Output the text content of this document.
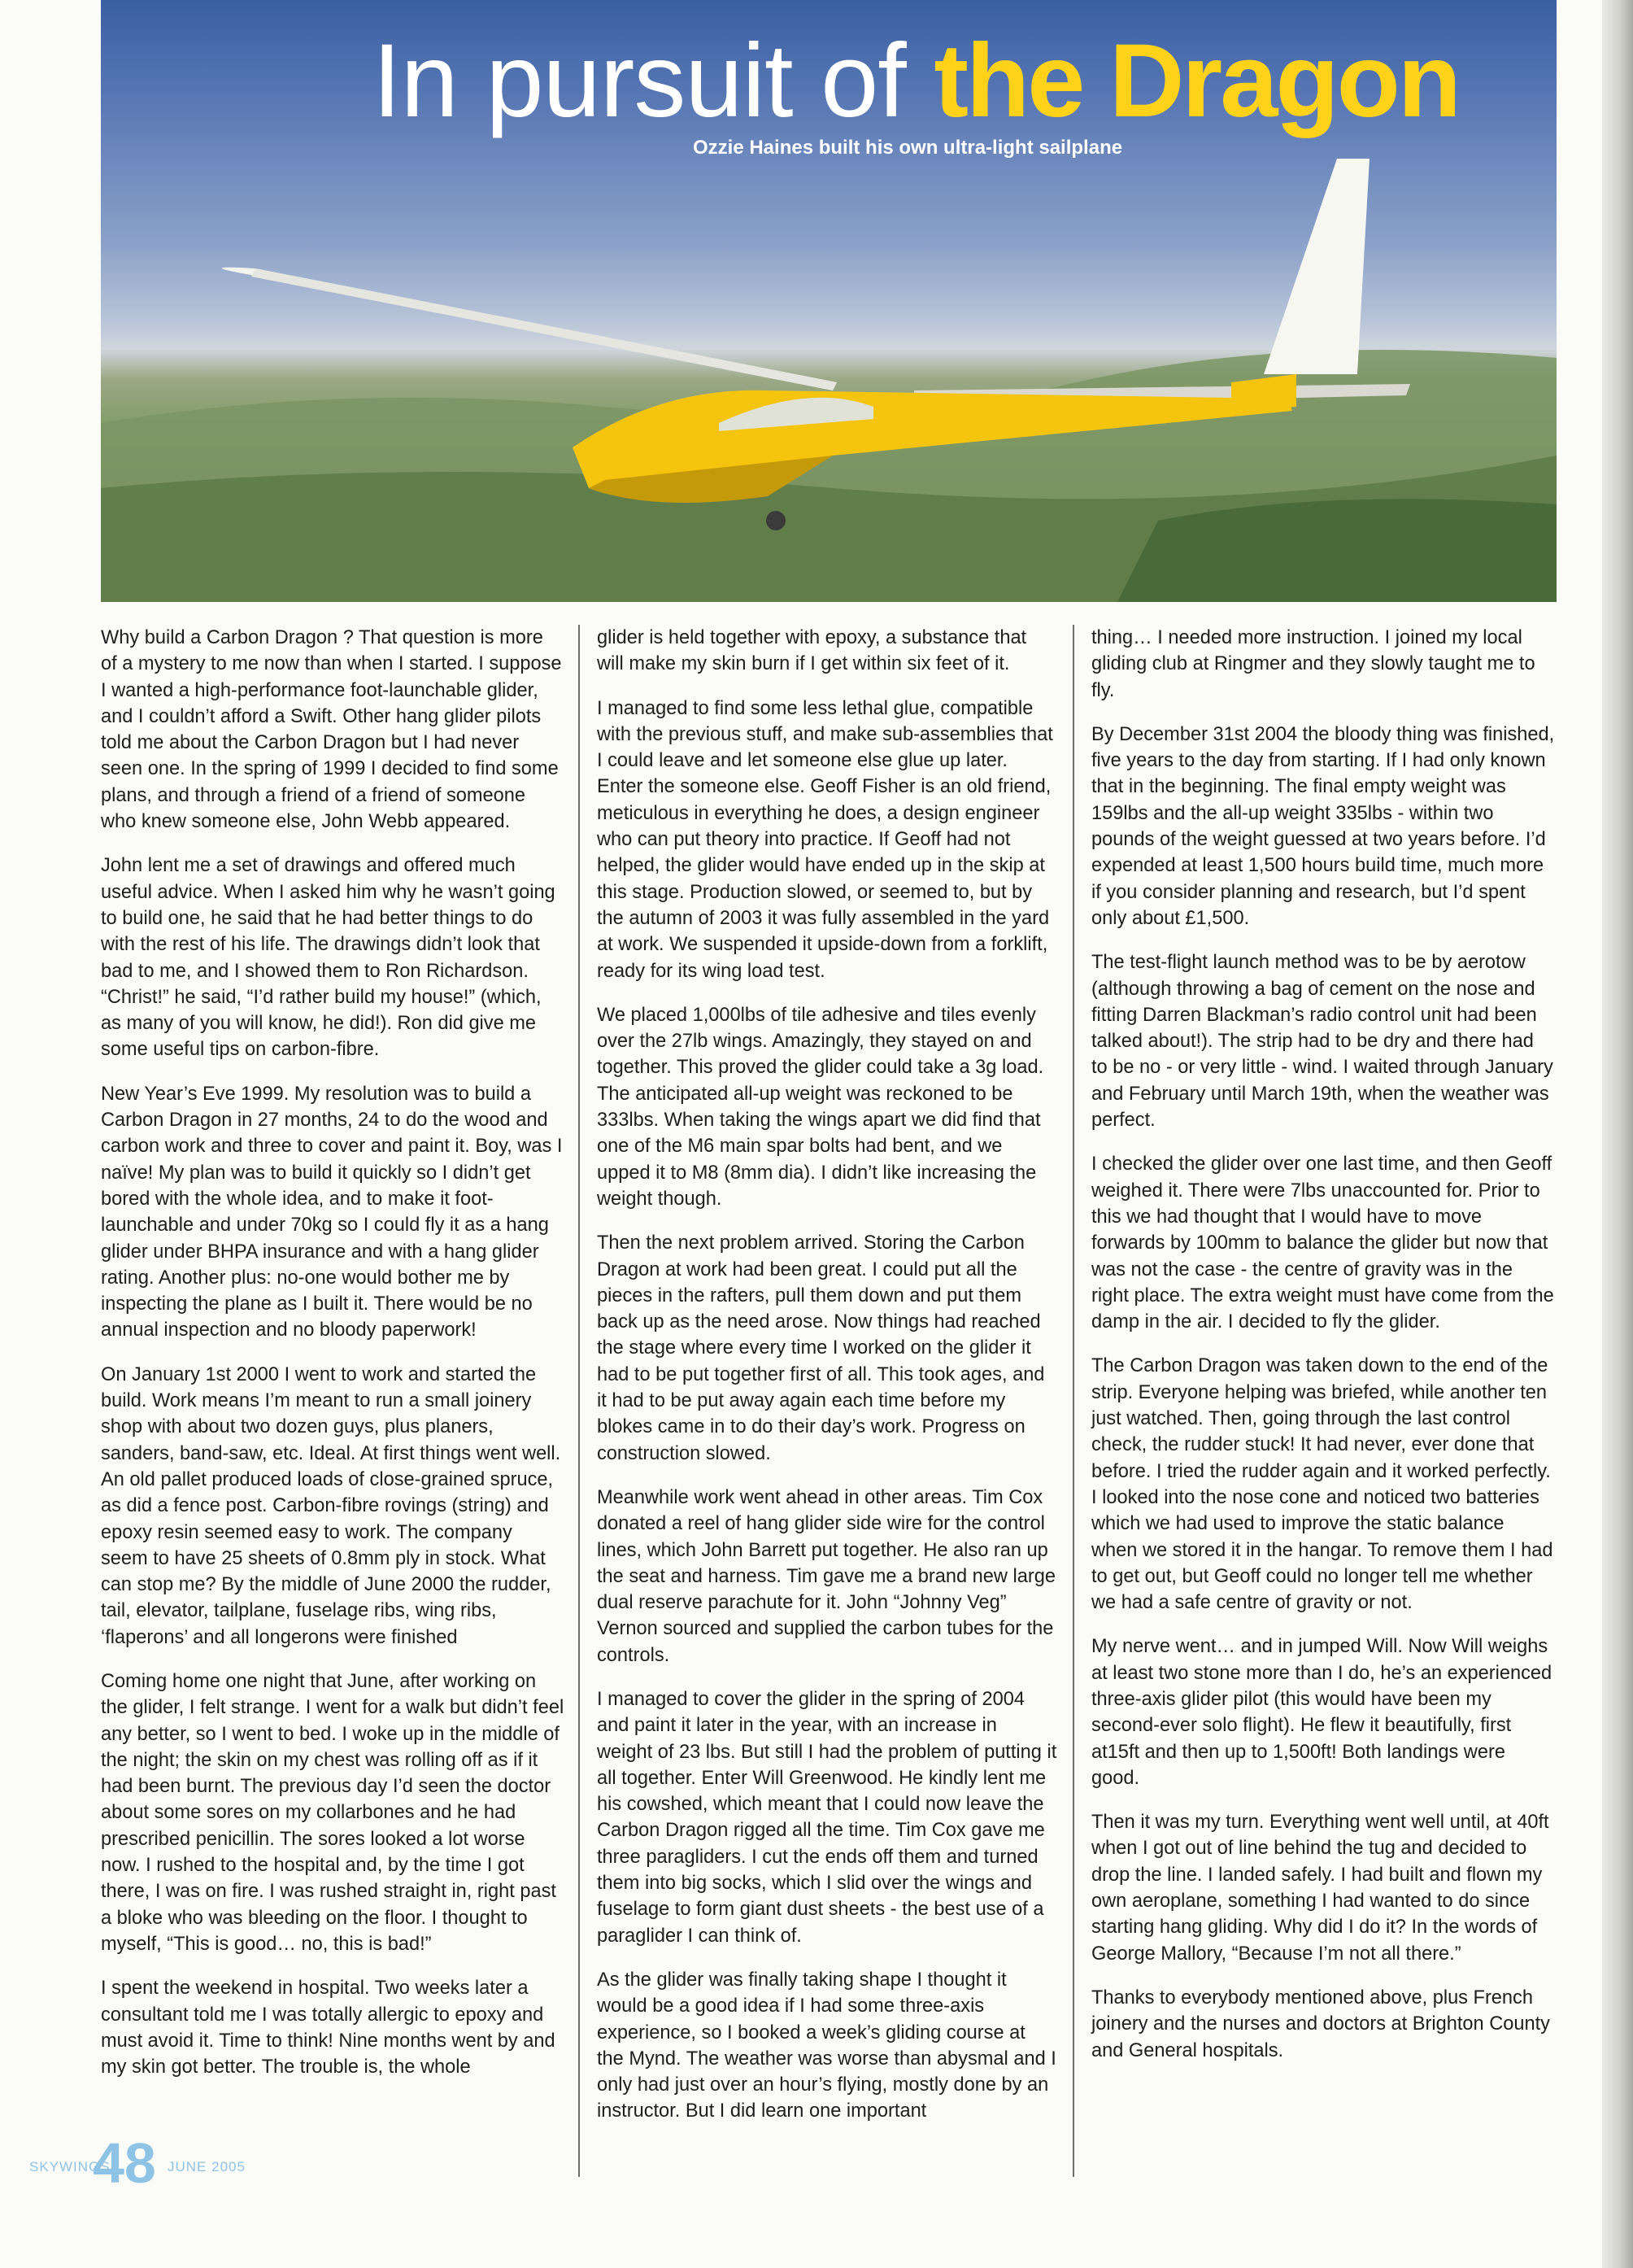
In pursuit of the Dragon

Ozzie Haines built his own ultra-light sailplane

Why build a Carbon Dragon ? That question is more of a mystery to me now than when I started. I suppose I wanted a high-performance foot-launchable glider, and I couldn’t afford a Swift. Other hang glider pilots told me about the Carbon Dragon but I had never seen one. In the spring of 1999 I decided to find some plans, and through a friend of a friend of someone who knew someone else, John Webb appeared.

John lent me a set of drawings and offered much useful advice. When I asked him why he wasn’t going to build one, he said that he had better things to do with the rest of his life. The drawings didn’t look that bad to me, and I showed them to Ron Richardson. “Christ!” he said, “I’d rather build my house!” (which, as many of you will know, he did!). Ron did give me some useful tips on carbon-fibre.

New Year’s Eve 1999. My resolution was to build a Carbon Dragon in 27 months, 24 to do the wood and carbon work and three to cover and paint it. Boy, was I naïve! My plan was to build it quickly so I didn’t get bored with the whole idea, and to make it foot-launchable and under 70kg so I could fly it as a hang glider under BHPA insurance and with a hang glider rating. Another plus: no-one would bother me by inspecting the plane as I built it. There would be no annual inspection and no bloody paperwork!

On January 1st 2000 I went to work and started the build. Work means I’m meant to run a small joinery shop with about two dozen guys, plus planers, sanders, band-saw, etc. Ideal. At first things went well. An old pallet produced loads of close-grained spruce, as did a fence post. Carbon-fibre rovings (string) and epoxy resin seemed easy to work. The company seem to have 25 sheets of 0.8mm ply in stock. What can stop me? By the middle of June 2000 the rudder, tail, elevator, tailplane, fuselage ribs, wing ribs, ‘flaperons’ and all longerons were finished

Coming home one night that June, after working on the glider, I felt strange. I went for a walk but didn’t feel any better, so I went to bed. I woke up in the middle of the night; the skin on my chest was rolling off as if it had been burnt. The previous day I’d seen the doctor about some sores on my collarbones and he had prescribed penicillin. The sores looked a lot worse now. I rushed to the hospital and, by the time I got there, I was on fire. I was rushed straight in, right past a bloke who was bleeding on the floor. I thought to myself, “This is good… no, this is bad!”

I spent the weekend in hospital. Two weeks later a consultant told me I was totally allergic to epoxy and must avoid it. Time to think! Nine months went by and my skin got better. The trouble is, the whole

glider is held together with epoxy, a substance that will make my skin burn if I get within six feet of it.

I managed to find some less lethal glue, compatible with the previous stuff, and make sub-assemblies that I could leave and let someone else glue up later. Enter the someone else. Geoff Fisher is an old friend, meticulous in everything he does, a design engineer who can put theory into practice. If Geoff had not helped, the glider would have ended up in the skip at this stage. Production slowed, or seemed to, but by the autumn of 2003 it was fully assembled in the yard at work. We suspended it upside-down from a forklift, ready for its wing load test.

We placed 1,000lbs of tile adhesive and tiles evenly over the 27lb wings. Amazingly, they stayed on and together. This proved the glider could take a 3g load. The anticipated all-up weight was reckoned to be 333lbs. When taking the wings apart we did find that one of the M6 main spar bolts had bent, and we upped it to M8 (8mm dia). I didn’t like increasing the weight though.

Then the next problem arrived. Storing the Carbon Dragon at work had been great. I could put all the pieces in the rafters, pull them down and put them back up as the need arose. Now things had reached the stage where every time I worked on the glider it had to be put together first of all. This took ages, and it had to be put away again each time before my blokes came in to do their day’s work. Progress on construction slowed.

Meanwhile work went ahead in other areas. Tim Cox donated a reel of hang glider side wire for the control lines, which John Barrett put together. He also ran up the seat and harness. Tim gave me a brand new large dual reserve parachute for it. John “Johnny Veg” Vernon sourced and supplied the carbon tubes for the controls.

I managed to cover the glider in the spring of 2004 and paint it later in the year, with an increase in weight of 23 lbs. But still I had the problem of putting it all together. Enter Will Greenwood. He kindly lent me his cowshed, which meant that I could now leave the Carbon Dragon rigged all the time. Tim Cox gave me three paragliders. I cut the ends off them and turned them into big socks, which I slid over the wings and fuselage to form giant dust sheets - the best use of a paraglider I can think of.

As the glider was finally taking shape I thought it would be a good idea if I had some three-axis experience, so I booked a week’s gliding course at the Mynd. The weather was worse than abysmal and I only had just over an hour’s flying, mostly done by an instructor. But I did learn one important

thing… I needed more instruction. I joined my local gliding club at Ringmer and they slowly taught me to fly.

By December 31st 2004 the bloody thing was finished, five years to the day from starting. If I had only known that in the beginning. The final empty weight was 159lbs and the all-up weight 335lbs - within two pounds of the weight guessed at two years before. I’d expended at least 1,500 hours build time, much more if you consider planning and research, but I’d spent only about £1,500.

The test-flight launch method was to be by aerotow (although throwing a bag of cement on the nose and fitting Darren Blackman’s radio control unit had been talked about!). The strip had to be dry and there had to be no - or very little - wind. I waited through January and February until March 19th, when the weather was perfect.

I checked the glider over one last time, and then Geoff weighed it. There were 7lbs unaccounted for. Prior to this we had thought that I would have to move forwards by 100mm to balance the glider but now that was not the case - the centre of gravity was in the right place. The extra weight must have come from the damp in the air. I decided to fly the glider.

The Carbon Dragon was taken down to the end of the strip. Everyone helping was briefed, while another ten just watched. Then, going through the last control check, the rudder stuck! It had never, ever done that before. I tried the rudder again and it worked perfectly. I looked into the nose cone and noticed two batteries which we had used to improve the static balance when we stored it in the hangar. To remove them I had to get out, but Geoff could no longer tell me whether we had a safe centre of gravity or not.

My nerve went… and in jumped Will. Now Will weighs at least two stone more than I do, he’s an experienced three-axis glider pilot (this would have been my second-ever solo flight). He flew it beautifully, first at15ft and then up to 1,500ft! Both landings were good.

Then it was my turn. Everything went well until, at 40ft when I got out of line behind the tug and decided to drop the line. I landed safely. I had built and flown my own aeroplane, something I had wanted to do since starting hang gliding. Why did I do it? In the words of George Mallory, “Because I’m not all there.”

Thanks to everybody mentioned above, plus French joinery and the nurses and doctors at Brighton County and General hospitals.

SKYWINGS
48 JUNE 2005
